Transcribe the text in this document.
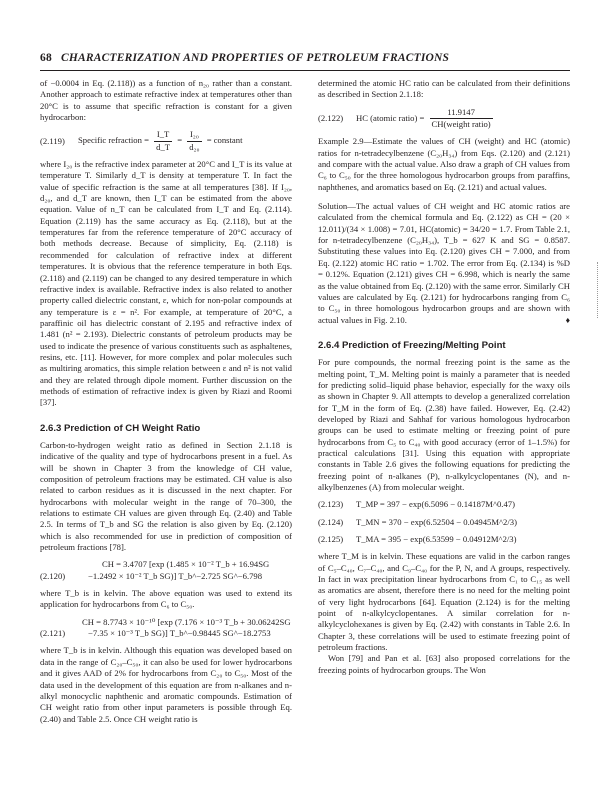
68 CHARACTERIZATION AND PROPERTIES OF PETROLEUM FRACTIONS

of −0.0004 in Eq. (2.118)) as a function of n₂₀ rather than a constant. Another approach to estimate refractive index at temperatures other than 20°C is to assume that specific refraction is constant for a given hydrocarbon:

(2.119)	Specific refraction = $\frac{I\_T}{d\_T} = \frac{\text{I₂₀}}{\text{d₂₀}}$ = constant

where I₂₀ is the refractive index parameter at 20°C and I_T is its value at temperature T. Similarly d_T is density at temperature T. In fact the value of specific refraction is the same at all temperatures [38]. If I₂₀, d₂₀, and d_T are known, then I_T can be estimated from the above equation. Value of n_T can be calculated from I_T and Eq. (2.114). Equation (2.119) has the same accuracy as Eq. (2.118), but at the temperatures far from the reference temperature of 20°C accuracy of both methods decrease. Because of simplicity, Eq. (2.118) is recommended for calculation of refractive index at different temperatures. It is obvious that the reference temperature in both Eqs. (2.118) and (2.119) can be changed to any desired temperature in which refractive index is available. Refractive index is also related to another property called dielectric constant, ε, which for non-polar compounds at any temperature is ε = n². For example, at temperature of 20°C, a paraffinic oil has dielectric constant of 2.195 and refractive index of 1.481 (n² = 2.193). Dielectric constants of petroleum products may be used to indicate the presence of various constituents such as asphaltenes, resins, etc. [11]. However, for more complex and polar molecules such as multiring aromatics, this simple relation between ε and n² is not valid and they are related through dipole moment. Further discussion on the methods of estimation of refractive index is given by Riazi and Roomi [37].

2.6.3 Prediction of CH Weight Ratio

Carbon-to-hydrogen weight ratio as defined in Section 2.1.18 is indicative of the quality and type of hydrocarbons present in a fuel. As will be shown in Chapter 3 from the knowledge of CH value, composition of petroleum fractions may be estimated. CH value is also related to carbon residues as it is discussed in the next chapter. For hydrocarbons with molecular weight in the range of 70–300, the relations to estimate CH values are given through Eq. (2.40) and Table 2.5. In terms of T_b and SG the relation is also given by Eq. (2.120) which is also recommended for use in prediction of composition of petroleum fractions [78].

CH = 3.4707 [exp (1.485 × 10⁻² T_b + 16.94SG
(2.120)	−1.2492 × 10⁻² T_b SG)] T_b^−2.725 SG^−6.798

where T_b is in kelvin. The above equation was used to extend its application for hydrocarbons from C₆ to C₅₀.

CH = 8.7743 × 10⁻¹⁰ [exp (7.176 × 10⁻³ T_b + 30.06242SG
(2.121)	−7.35 × 10⁻³ T_b SG)] T_b^−0.98445 SG^−18.2753

where T_b is in kelvin. Although this equation was developed based on data in the range of C₂₀–C₅₀, it can also be used for lower hydrocarbons and it gives AAD of 2% for hydrocarbons from C₂₀ to C₅₀. Most of the data used in the development of this equation are from n-alkanes and n-alkyl monocyclic naphthenic and aromatic compounds. Estimation of CH weight ratio from other input parameters is possible through Eq. (2.40) and Table 2.5. Once CH weight ratio is

determined the atomic HC ratio can be calculated from their definitions as described in Section 2.1.18:

(2.122)	HC (atomic ratio) = $\frac{11.9147}{\text{CH(weight ratio)}}$

Example 2.9—Estimate the values of CH (weight) and HC (atomic) ratios for n-tetradecylbenzene (C₂₀H₃₄) from Eqs. (2.120) and (2.121) and compare with the actual value. Also draw a graph of CH values from C₆ to C₅₀ for the three homologous hydrocarbon groups from paraffins, naphthenes, and aromatics based on Eq. (2.121) and actual values.

Solution—The actual values of CH weight and HC atomic ratios are calculated from the chemical formula and Eq. (2.122) as CH = (20 × 12.011)/(34 × 1.008) = 7.01, HC(atomic) = 34/20 = 1.7. From Table 2.1, for n-tetradecylbenzene (C₂₀H₃₄), T_b = 627 K and SG = 0.8587. Substituting these values into Eq. (2.120) gives CH = 7.000, and from Eq. (2.122) atomic HC ratio = 1.702. The error from Eq. (2.134) is %D = 0.12%. Equation (2.121) gives CH = 6.998, which is nearly the same as the value obtained from Eq. (2.120) with the same error. Similarly CH values are calculated by Eq. (2.121) for hydrocarbons ranging from C₆ to C₅₀ in three homologous hydrocarbon groups and are shown with actual values in Fig. 2.10.	♦

2.6.4 Prediction of Freezing/Melting Point

For pure compounds, the normal freezing point is the same as the melting point, T_M. Melting point is mainly a parameter that is needed for predicting solid–liquid phase behavior, especially for the waxy oils as shown in Chapter 9. All attempts to develop a generalized correlation for T_M in the form of Eq. (2.38) have failed. However, Eq. (2.42) developed by Riazi and Sahhaf for various homologous hydrocarbon groups can be used to estimate melting or freezing point of pure hydrocarbons from C₅ to C₄₀ with good accuracy (error of 1–1.5%) for practical calculations [31]. Using this equation with appropriate constants in Table 2.6 gives the following equations for predicting the freezing point of n-alkanes (P), n-alkylcyclopentanes (N), and n-alkylbenzenes (A) from molecular weight.

(2.123)	T_MP = 397 − exp(6.5096 − 0.14187M^0.47)
(2.124)	T_MN = 370 − exp(6.52504 − 0.04945M^2/3)
(2.125)	T_MA = 395 − exp(6.53599 − 0.04912M^2/3)

where T_M is in kelvin. These equations are valid in the carbon ranges of C₅–C₄₀, C₇–C₄₀, and C₉–C₄₀ for the P, N, and A groups, respectively. In fact in wax precipitation linear hydrocarbons from C₁ to C₁₅ as well as aromatics are absent, therefore there is no need for the melting point of very light hydrocarbons [64]. Equation (2.124) is for the melting point of n-alkylcyclopentanes. A similar correlation for n-alkylcyclohexanes is given by Eq. (2.42) with constants in Table 2.6. In Chapter 3, these correlations will be used to estimate freezing point of petroleum fractions.

Won [79] and Pan et al. [63] also proposed correlations for the freezing points of hydrocarbon groups. The Won
